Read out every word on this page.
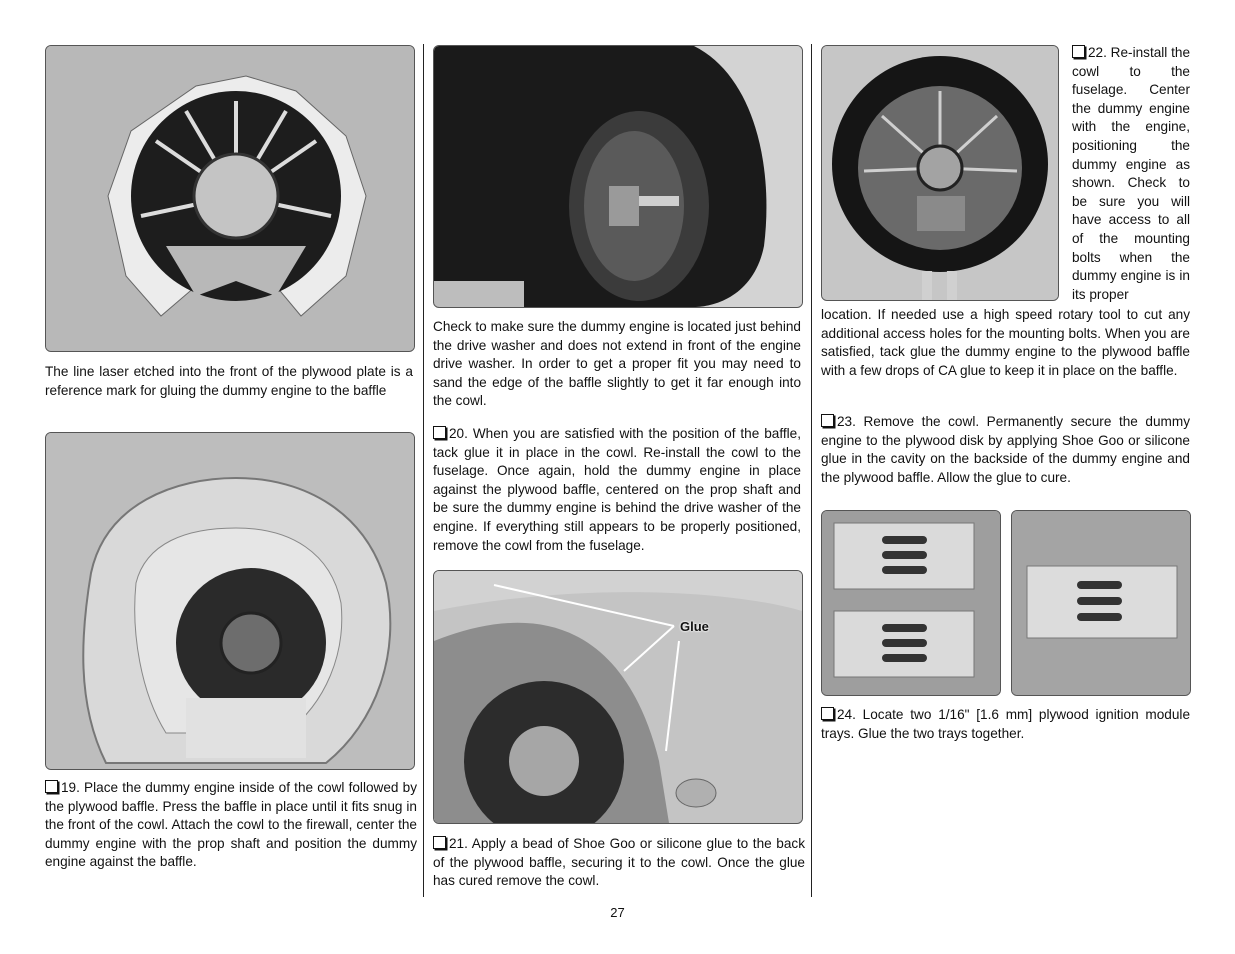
The line laser etched into the front of the plywood plate is a reference mark for gluing the dummy engine to the baffle

19. Place the dummy engine inside of the cowl followed by the plywood baffle. Press the baffle in place until it fits snug in the front of the cowl. Attach the cowl to the firewall, center the dummy engine with the prop shaft and position the dummy engine against the baffle.

Check to make sure the dummy engine is located just behind the drive washer and does not extend in front of the engine drive washer. In order to get a proper fit you may need to sand the edge of the baffle slightly to get it far enough into the cowl.

20. When you are satisfied with the position of the baffle, tack glue it in place in the cowl. Re-install the cowl to the fuselage. Once again, hold the dummy engine in place against the plywood baffle, centered on the prop shaft and be sure the dummy engine is behind the drive washer of the engine. If everything still appears to be properly positioned, remove the cowl from the fuselage.

Glue

21. Apply a bead of Shoe Goo or silicone glue to the back of the plywood baffle, securing it to the cowl. Once the glue has cured remove the cowl.

22. Re-install the cowl to the fuselage. Center the dummy engine with the engine, positioning the dummy engine as shown. Check to be sure you will have access to all of the mounting bolts when the dummy engine is in its proper

location. If needed use a high speed rotary tool to cut any additional access holes for the mounting bolts. When you are satisfied, tack glue the dummy engine to the plywood baffle with a few drops of CA glue to keep it in place on the baffle.

23. Remove the cowl. Permanently secure the dummy engine to the plywood disk by applying Shoe Goo or silicone glue in the cavity on the backside of the dummy engine and the plywood baffle. Allow the glue to cure.

24. Locate two 1/16" [1.6 mm] plywood ignition module trays. Glue the two trays together.

27
